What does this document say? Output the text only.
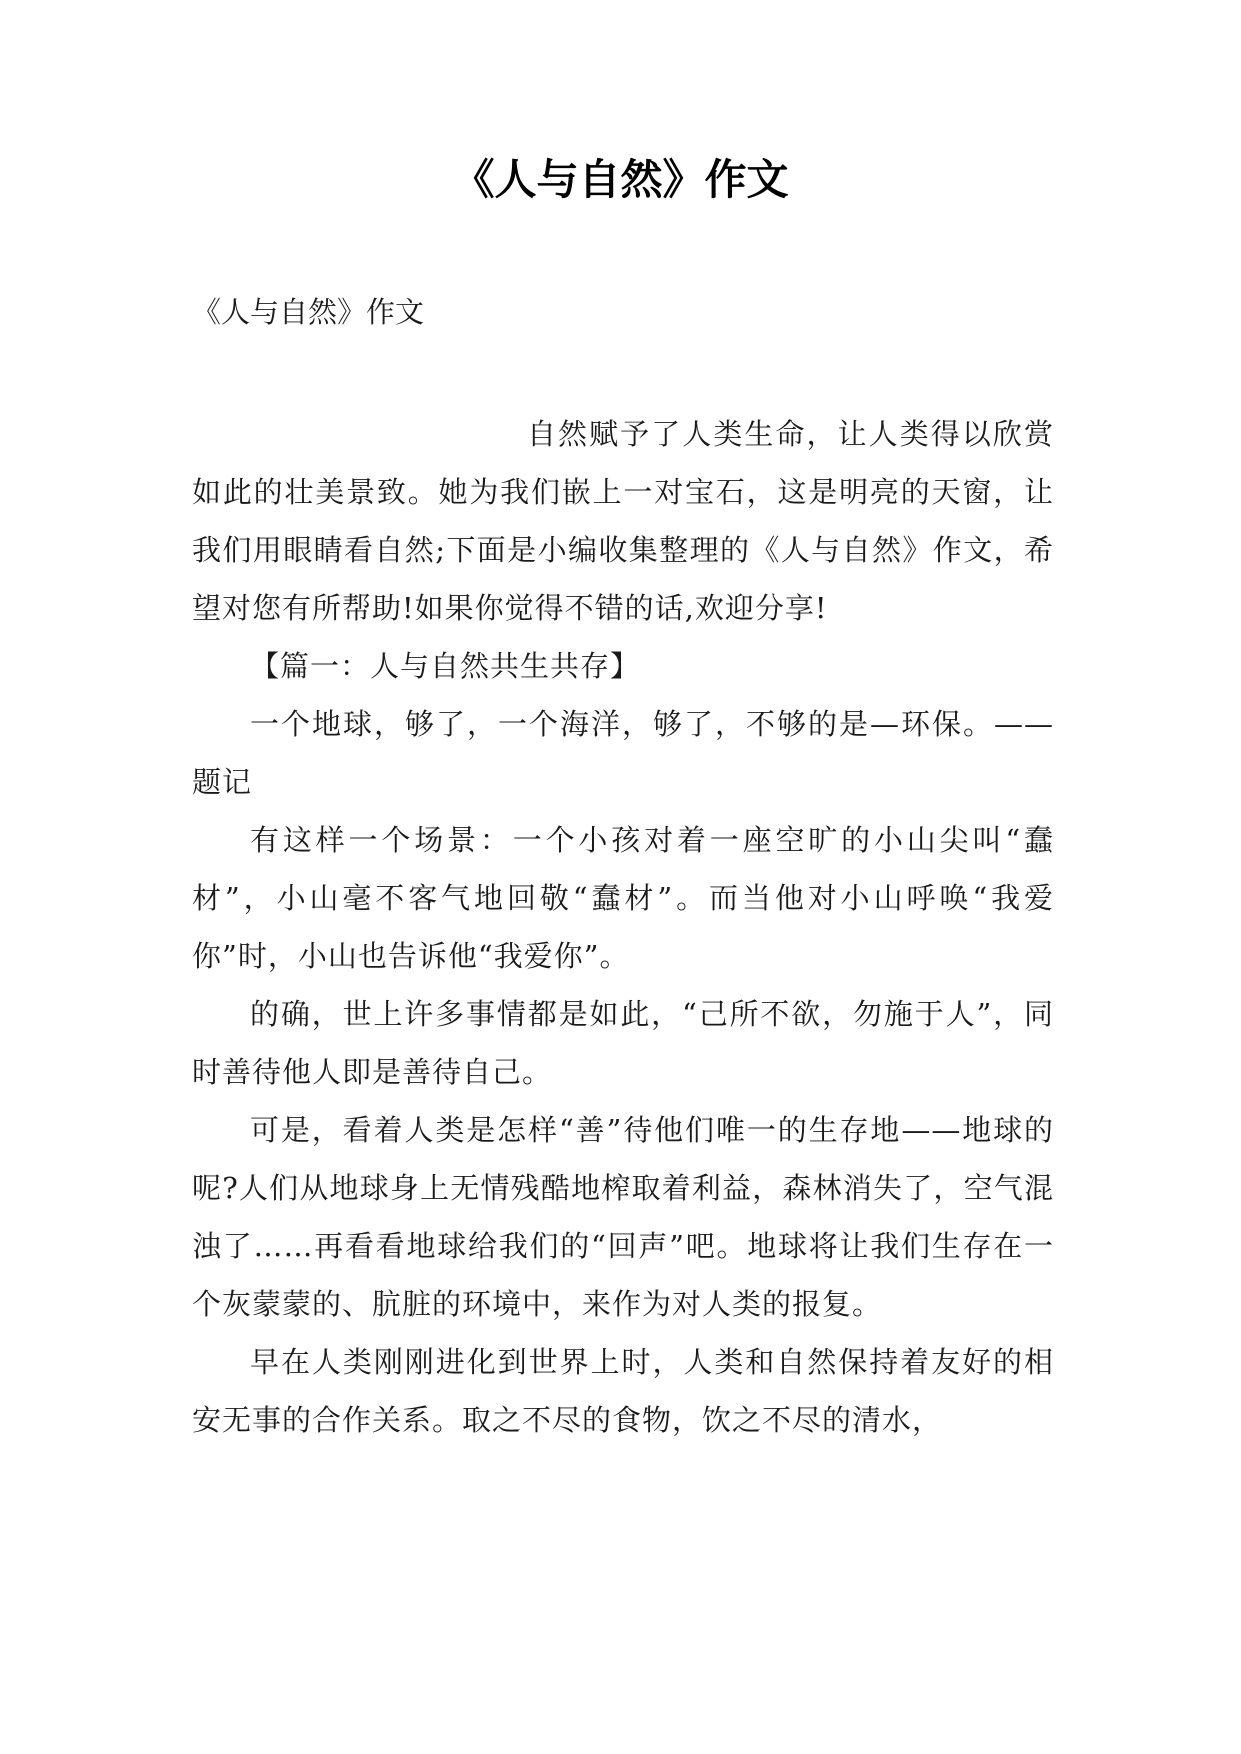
《人与自然》作文

《人与自然》作文

自然赋予了人类生命，让人类得以欣赏如此的壮美景致。她为我们嵌上一对宝石，这是明亮的天窗，让我们用眼睛看自然;下面是小编收集整理的《人与自然》作文，希望对您有所帮助!如果你觉得不错的话,欢迎分享!

【篇一：人与自然共生共存】

一个地球，够了，一个海洋，够了，不够的是—环保。——题记

有这样一个场景：一个小孩对着一座空旷的小山尖叫“蠢材”，小山毫不客气地回敬“蠢材”。而当他对小山呼唤“我爱你”时，小山也告诉他“我爱你”。

的确，世上许多事情都是如此，“己所不欲，勿施于人”，同时善待他人即是善待自己。

可是，看着人类是怎样“善”待他们唯一的生存地——地球的呢?人们从地球身上无情残酷地榨取着利益，森林消失了，空气混浊了……再看看地球给我们的“回声”吧。地球将让我们生存在一个灰蒙蒙的、肮脏的环境中，来作为对人类的报复。

早在人类刚刚进化到世界上时，人类和自然保持着友好的相安无事的合作关系。取之不尽的食物，饮之不尽的清水，
